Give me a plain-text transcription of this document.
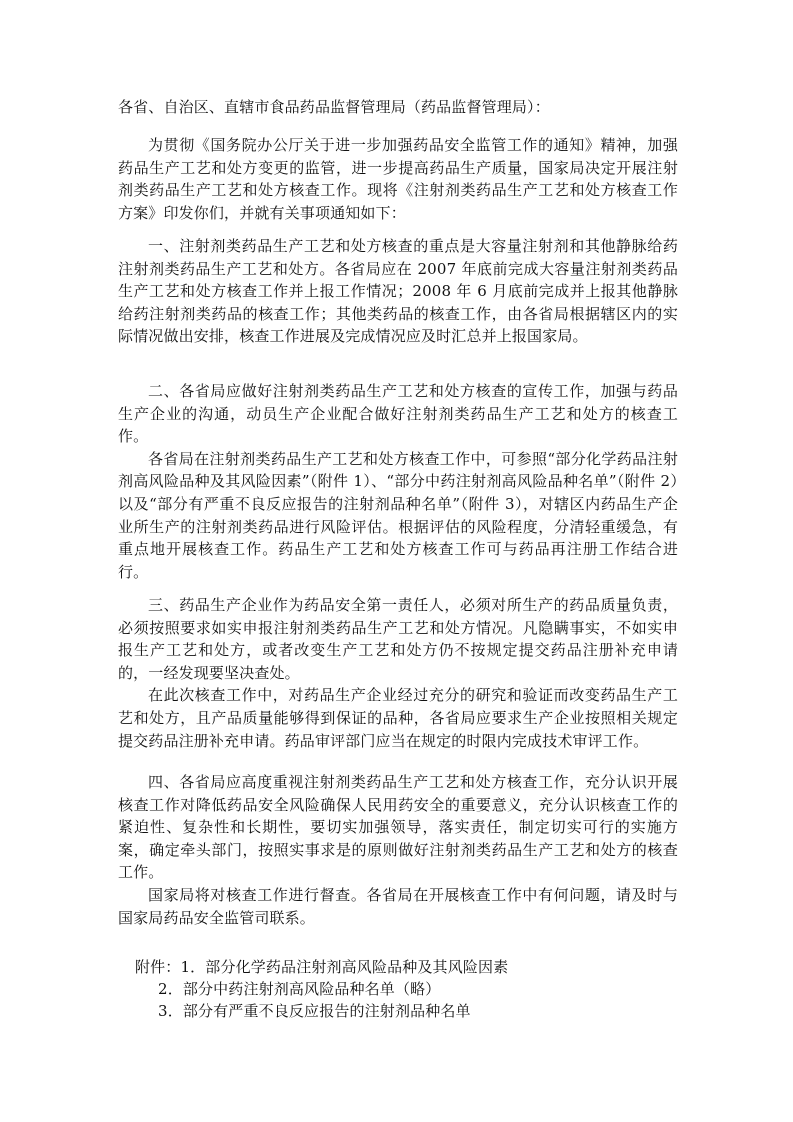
各省、自治区、直辖市食品药品监督管理局（药品监督管理局）：

为贯彻《国务院办公厅关于进一步加强药品安全监管工作的通知》精神，加强药品生产工艺和处方变更的监管，进一步提高药品生产质量，国家局决定开展注射剂类药品生产工艺和处方核查工作。现将《注射剂类药品生产工艺和处方核查工作方案》印发你们，并就有关事项通知如下：

一、注射剂类药品生产工艺和处方核查的重点是大容量注射剂和其他静脉给药注射剂类药品生产工艺和处方。各省局应在 2007 年底前完成大容量注射剂类药品生产工艺和处方核查工作并上报工作情况；2008 年 6 月底前完成并上报其他静脉给药注射剂类药品的核查工作；其他类药品的核查工作，由各省局根据辖区内的实际情况做出安排，核查工作进展及完成情况应及时汇总并上报国家局。

二、各省局应做好注射剂类药品生产工艺和处方核查的宣传工作，加强与药品生产企业的沟通，动员生产企业配合做好注射剂类药品生产工艺和处方的核查工作。

各省局在注射剂类药品生产工艺和处方核查工作中，可参照“部分化学药品注射剂高风险品种及其风险因素”（附件 1）、“部分中药注射剂高风险品种名单”（附件 2）以及“部分有严重不良反应报告的注射剂品种名单”（附件 3），对辖区内药品生产企业所生产的注射剂类药品进行风险评估。根据评估的风险程度，分清轻重缓急，有重点地开展核查工作。药品生产工艺和处方核查工作可与药品再注册工作结合进行。

三、药品生产企业作为药品安全第一责任人，必须对所生产的药品质量负责，必须按照要求如实申报注射剂类药品生产工艺和处方情况。凡隐瞒事实，不如实申报生产工艺和处方，或者改变生产工艺和处方仍不按规定提交药品注册补充申请的，一经发现要坚决查处。

在此次核查工作中，对药品生产企业经过充分的研究和验证而改变药品生产工艺和处方，且产品质量能够得到保证的品种，各省局应要求生产企业按照相关规定提交药品注册补充申请。药品审评部门应当在规定的时限内完成技术审评工作。

四、各省局应高度重视注射剂类药品生产工艺和处方核查工作，充分认识开展核查工作对降低药品安全风险确保人民用药安全的重要意义，充分认识核查工作的紧迫性、复杂性和长期性，要切实加强领导，落实责任，制定切实可行的实施方案，确定牵头部门，按照实事求是的原则做好注射剂类药品生产工艺和处方的核查工作。

国家局将对核查工作进行督查。各省局在开展核查工作中有何问题，请及时与国家局药品安全监管司联系。

附件：1．部分化学药品注射剂高风险品种及其风险因素
2．部分中药注射剂高风险品种名单（略）
3．部分有严重不良反应报告的注射剂品种名单
